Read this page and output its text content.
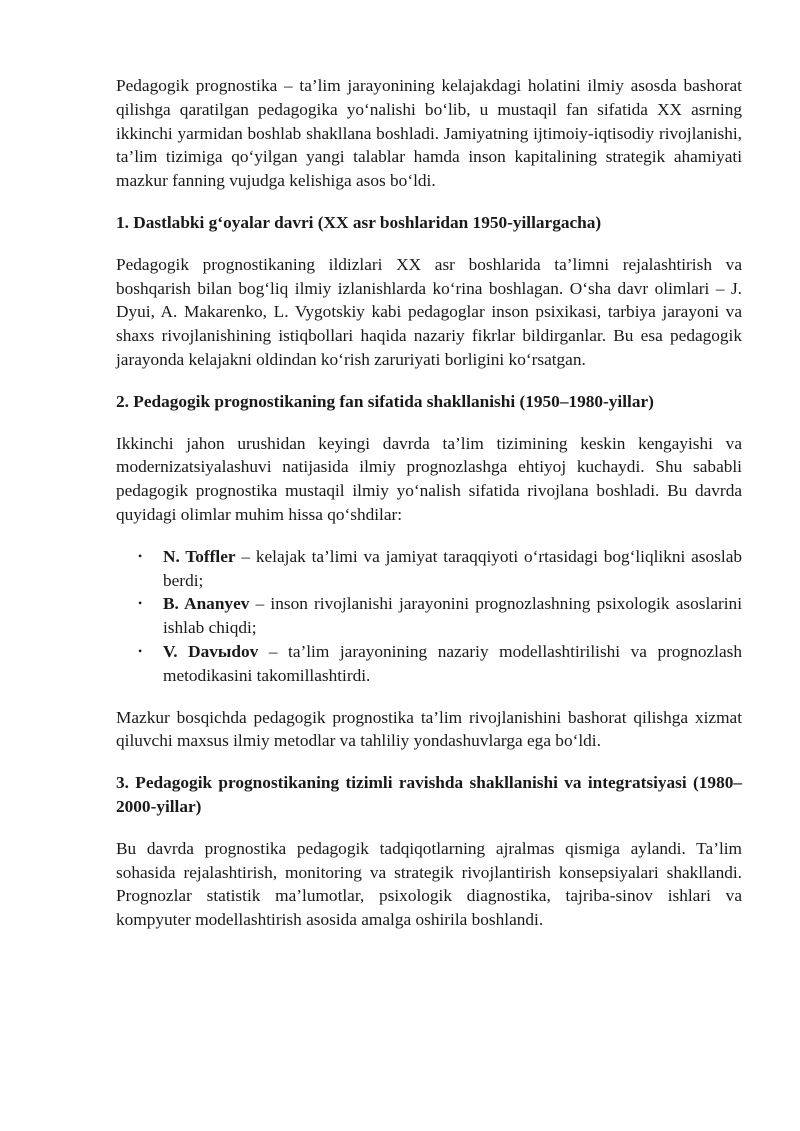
Pedagogik prognostika – ta’lim jarayonining kelajakdagi holatini ilmiy asosda bashorat qilishga qaratilgan pedagogika yo‘nalishi bo‘lib, u mustaqil fan sifatida XX asrning ikkinchi yarmidan boshlab shakllana boshladi. Jamiyatning ijtimoiy-iqtisodiy rivojlanishi, ta’lim tizimiga qo‘yilgan yangi talablar hamda inson kapitalining strategik ahamiyati mazkur fanning vujudga kelishiga asos bo‘ldi.

1. Dastlabki g‘oyalar davri (XX asr boshlaridan 1950-yillargacha)

Pedagogik prognostikaning ildizlari XX asr boshlarida ta’limni rejalashtirish va boshqarish bilan bog‘liq ilmiy izlanishlarda ko‘rina boshlagan. O‘sha davr olimlari – J. Dyui, A. Makarenko, L. Vygotskiy kabi pedagoglar inson psixikasi, tarbiya jarayoni va shaxs rivojlanishining istiqbollari haqida nazariy fikrlar bildirganlar. Bu esa pedagogik jarayonda kelajakni oldindan ko‘rish zaruriyati borligini ko‘rsatgan.

2. Pedagogik prognostikaning fan sifatida shakllanishi (1950–1980-yillar)

Ikkinchi jahon urushidan keyingi davrda ta’lim tizimining keskin kengayishi va modernizatsiyalashuvi natijasida ilmiy prognozlashga ehtiyoj kuchaydi. Shu sababli pedagogik prognostika mustaqil ilmiy yo‘nalish sifatida rivojlana boshladi. Bu davrda quyidagi olimlar muhim hissa qo‘shdilar:

• N. Toffler – kelajak ta’limi va jamiyat taraqqiyoti o‘rtasidagi bog‘liqlikni asoslab berdi;
• B. Ananyev – inson rivojlanishi jarayonini prognozlashning psixologik asoslarini ishlab chiqdi;
• V. Davыdov – ta’lim jarayonining nazariy modellashtirilishi va prognozlash metodikasini takomillashtirdi.

Mazkur bosqichda pedagogik prognostika ta’lim rivojlanishini bashorat qilishga xizmat qiluvchi maxsus ilmiy metodlar va tahliliy yondashuvlarga ega bo‘ldi.

3. Pedagogik prognostikaning tizimli ravishda shakllanishi va integratsiyasi (1980–2000-yillar)

Bu davrda prognostika pedagogik tadqiqotlarning ajralmas qismiga aylandi. Ta’lim sohasida rejalashtirish, monitoring va strategik rivojlantirish konsepsiyalari shakllandi. Prognozlar statistik ma’lumotlar, psixologik diagnostika, tajriba-sinov ishlari va kompyuter modellashtirish asosida amalga oshirila boshlandi.
